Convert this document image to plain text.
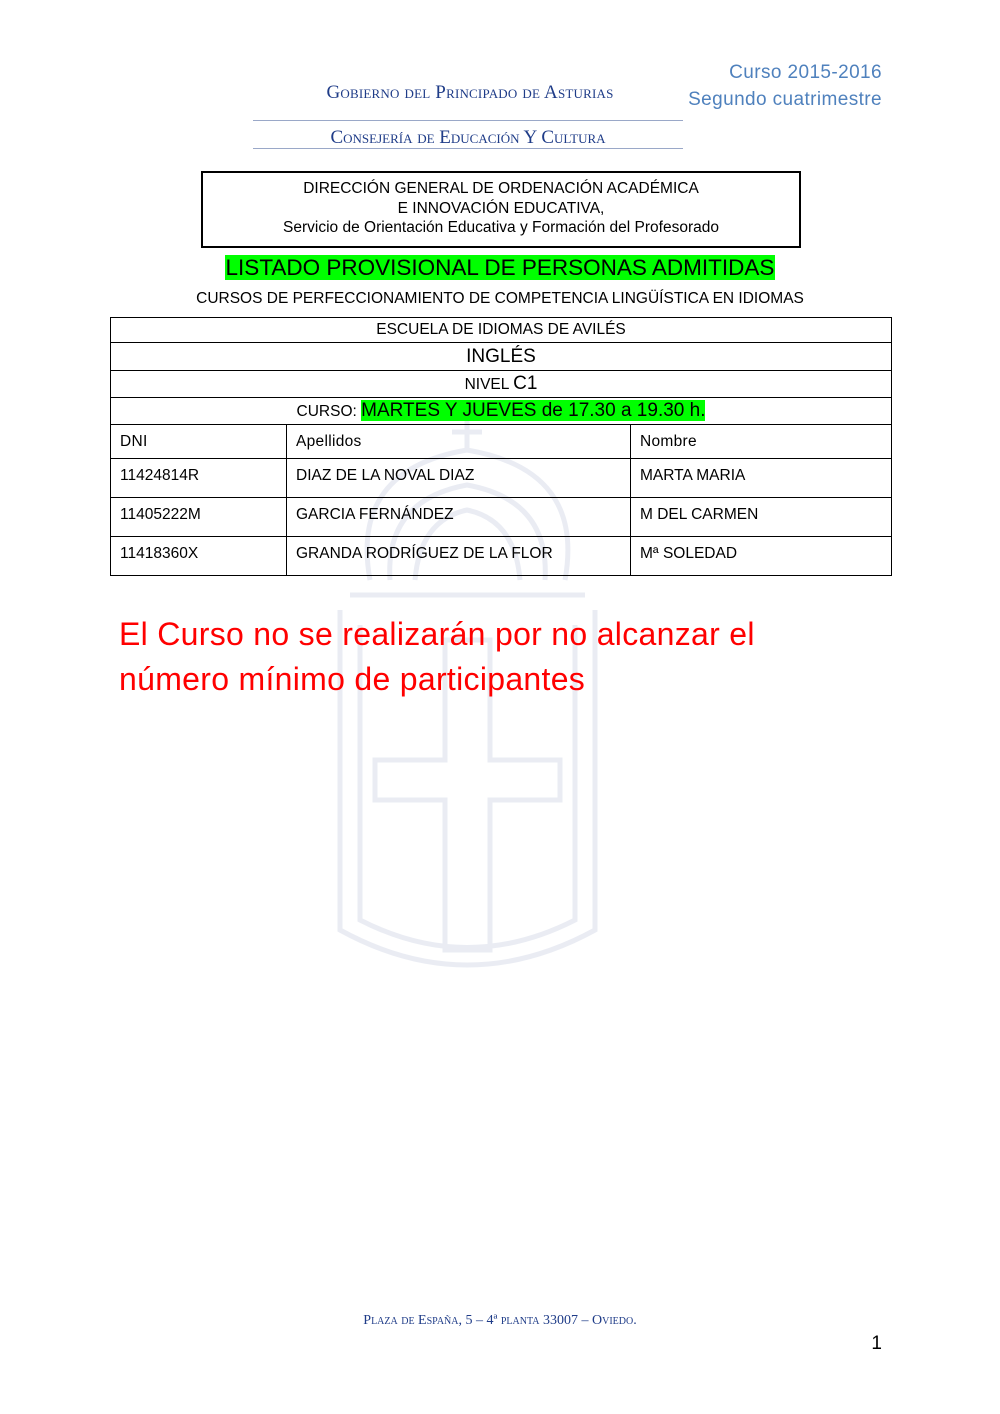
Gobierno del Principado de Asturias
Consejería de Educación Y Cultura
Curso 2015-2016
Segundo cuatrimestre
DIRECCIÓN GENERAL DE ORDENACIÓN ACADÉMICA
E INNOVACIÓN EDUCATIVA,
Servicio de Orientación Educativa y Formación del Profesorado
LISTADO PROVISIONAL DE PERSONAS ADMITIDAS
CURSOS DE PERFECCIONAMIENTO DE COMPETENCIA LINGÜÍSTICA EN IDIOMAS
ESCUELA DE IDIOMAS DE AVILÉS		
INGLÉS		
NIVEL C1		
CURSO: MARTES Y JUEVES de 17.30 a 19.30 h.		
DNI	Apellidos	Nombre
11424814R	DIAZ DE LA NOVAL DIAZ	MARTA MARIA
11405222M	GARCIA FERNÁNDEZ	M DEL CARMEN
11418360X	GRANDA RODRÍGUEZ DE LA FLOR	Mª SOLEDAD
El Curso no se realizarán por no alcanzar el
número mínimo de participantes
Plaza de España, 5 – 4ª planta 33007 – Oviedo.
1
